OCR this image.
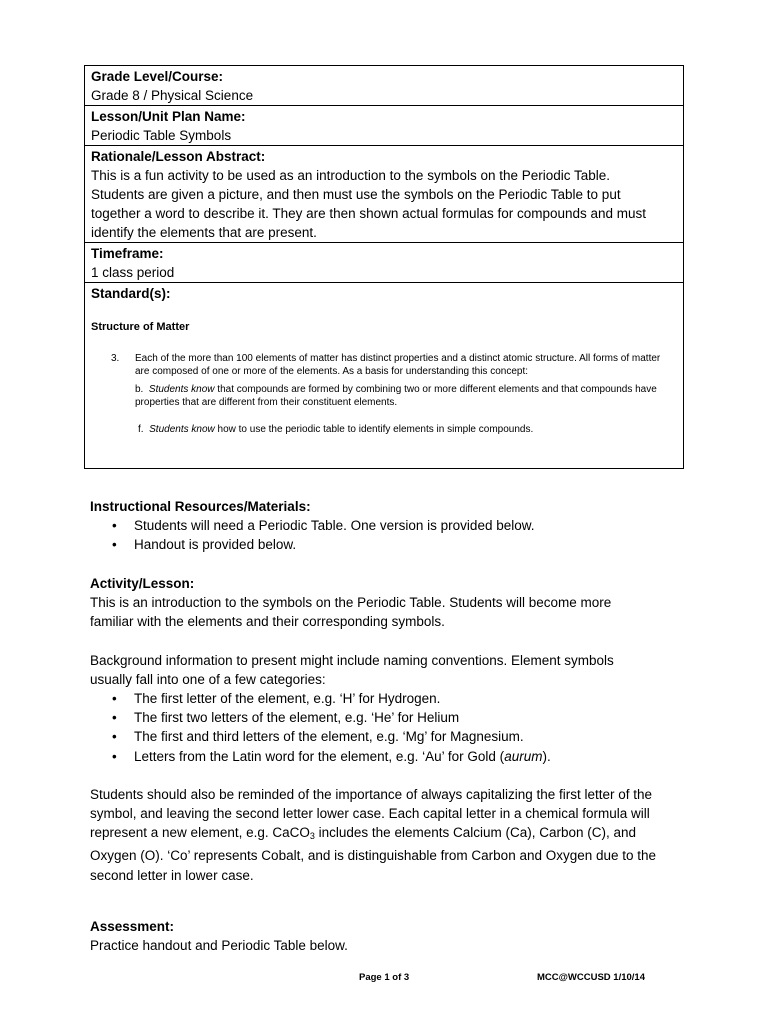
Grade Level/Course:
Grade 8 / Physical Science
Lesson/Unit Plan Name:
Periodic Table Symbols
Rationale/Lesson Abstract:
This is a fun activity to be used as an introduction to the symbols on the Periodic Table.
Students are given a picture, and then must use the symbols on the Periodic Table to put
together a word to describe it. They are then shown actual formulas for compounds and must
identify the elements that are present.
Timeframe:
1 class period
Standard(s):
Structure of Matter
3.	Each of the more than 100 elements of matter has distinct properties and a distinct atomic structure. All forms of matter are composed of one or more of the elements. As a basis for understanding this concept:
b. Students know that compounds are formed by combining two or more different elements and that compounds have properties that are different from their constituent elements.
f. Students know how to use the periodic table to identify elements in simple compounds.
Instructional Resources/Materials:
• Students will need a Periodic Table. One version is provided below.
• Handout is provided below.
Activity/Lesson:
This is an introduction to the symbols on the Periodic Table. Students will become more
familiar with the elements and their corresponding symbols.
Background information to present might include naming conventions. Element symbols
usually fall into one of a few categories:
• The first letter of the element, e.g. ‘H’ for Hydrogen.
• The first two letters of the element, e.g. ‘He’ for Helium
• The first and third letters of the element, e.g. ‘Mg’ for Magnesium.
• Letters from the Latin word for the element, e.g. ‘Au’ for Gold (aurum).
Students should also be reminded of the importance of always capitalizing the first letter of the
symbol, and leaving the second letter lower case. Each capital letter in a chemical formula will
represent a new element, e.g. CaCO$_3$ includes the elements Calcium (Ca), Carbon (C), and
Oxygen (O). ‘Co’ represents Cobalt, and is distinguishable from Carbon and Oxygen due to the
second letter in lower case.
Assessment:
Practice handout and Periodic Table below.
Page 1 of 3	MCC@WCCUSD 1/10/14
